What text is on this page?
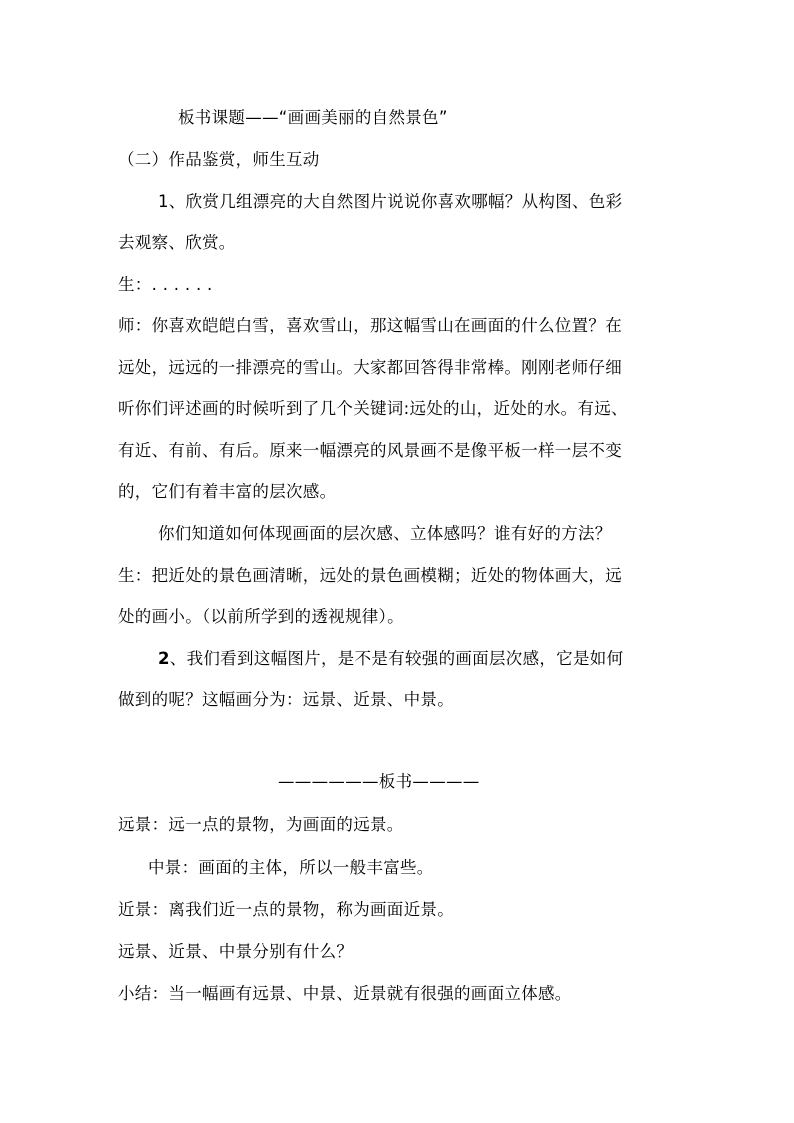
板书课题——“画画美丽的自然景色”
（二）作品鉴赏，师生互动
1、欣赏几组漂亮的大自然图片说说你喜欢哪幅？从构图、色彩
去观察、欣赏。
生：. . . . . .
师：你喜欢皑皑白雪，喜欢雪山，那这幅雪山在画面的什么位置？在
远处，远远的一排漂亮的雪山。大家都回答得非常棒。刚刚老师仔细
听你们评述画的时候听到了几个关键词:远处的山，近处的水。有远、
有近、有前、有后。原来一幅漂亮的风景画不是像平板一样一层不变
的，它们有着丰富的层次感。
你们知道如何体现画面的层次感、立体感吗？谁有好的方法？
生：把近处的景色画清晰，远处的景色画模糊；近处的物体画大，远
处的画小。（以前所学到的透视规律）。
2、我们看到这幅图片，是不是有较强的画面层次感，它是如何
做到的呢？这幅画分为：远景、近景、中景。
——————板书————
远景：远一点的景物，为画面的远景。
中景：画面的主体，所以一般丰富些。
近景：离我们近一点的景物，称为画面近景。
远景、近景、中景分别有什么？
小结：当一幅画有远景、中景、近景就有很强的画面立体感。
